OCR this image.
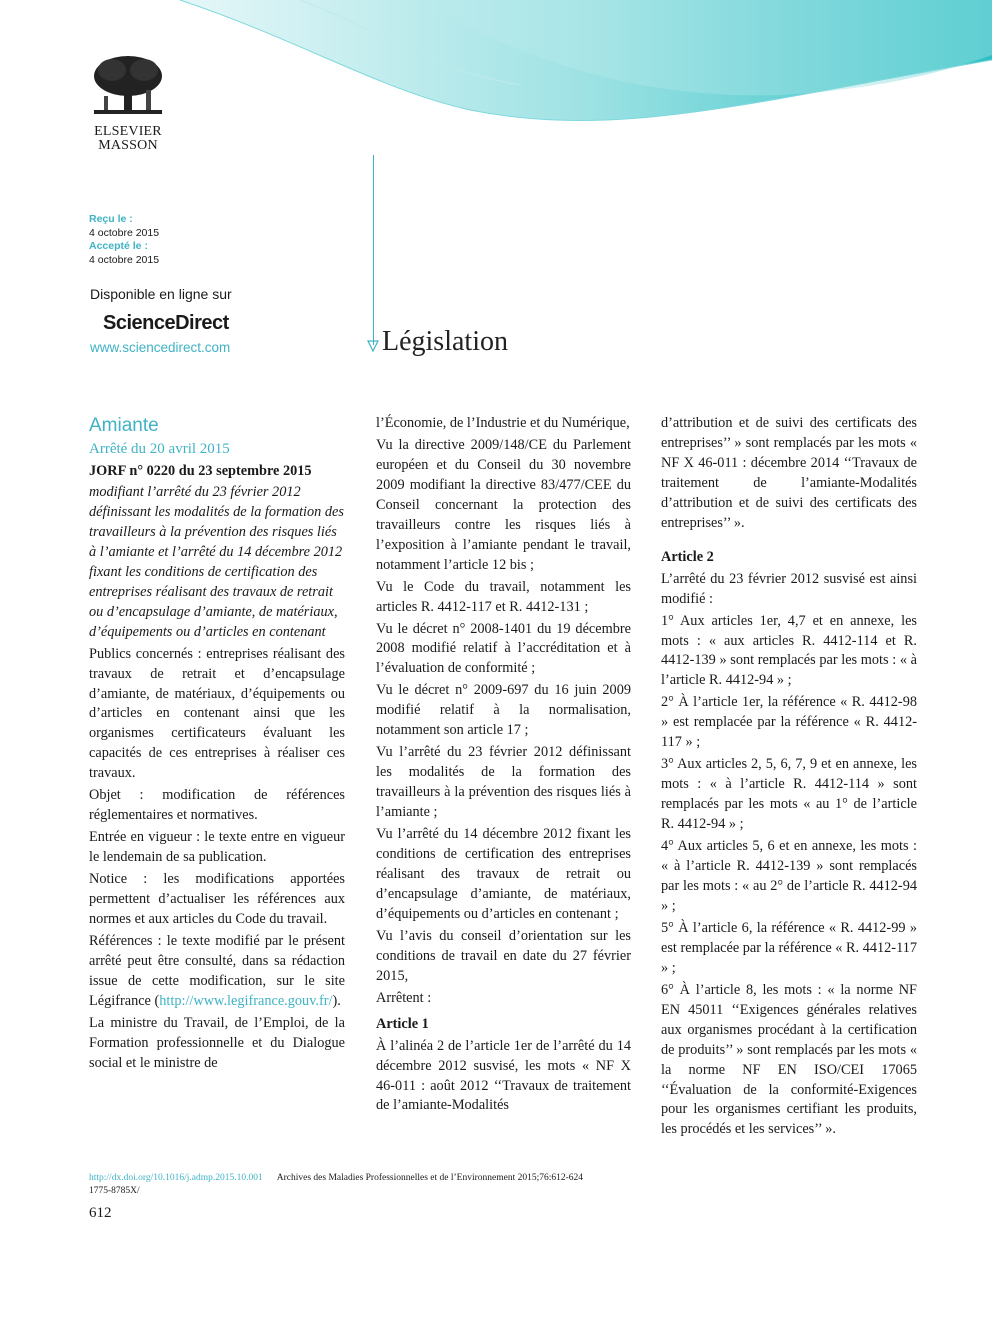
ELSEVIER
MASSON
Reçu le :
4 octobre 2015
Accepté le :
4 octobre 2015
Disponible en ligne sur
ScienceDirect
www.sciencedirect.com	Législation

Amiante

Arrêté du 20 avril 2015

JORF n° 0220 du 23 septembre 2015

modifiant l’arrêté du 23 février 2012 définissant les modalités de la formation des travailleurs à la prévention des risques liés à l’amiante et l’arrêté du 14 décembre 2012 fixant les conditions de certification des entreprises réalisant des travaux de retrait ou d’encapsulage d’amiante, de matériaux, d’équipements ou d’articles en contenant

Publics concernés : entreprises réalisant des travaux de retrait et d’encapsulage d’amiante, de matériaux, d’équipements ou d’articles en contenant ainsi que les organismes certificateurs évaluant les capacités de ces entreprises à réaliser ces travaux.

Objet : modification de références réglementaires et normatives.

Entrée en vigueur : le texte entre en vigueur le lendemain de sa publication.

Notice : les modifications apportées permettent d’actualiser les références aux normes et aux articles du Code du travail.

Références : le texte modifié par le présent arrêté peut être consulté, dans sa rédaction issue de cette modification, sur le site Légifrance (http://www.legifrance.gouv.fr/).

La ministre du Travail, de l’Emploi, de la Formation professionnelle et du Dialogue social et le ministre de

l’Économie, de l’Industrie et du Numérique,

Vu la directive 2009/148/CE du Parlement européen et du Conseil du 30 novembre 2009 modifiant la directive 83/477/CEE du Conseil concernant la protection des travailleurs contre les risques liés à l’exposition à l’amiante pendant le travail, notamment l’article 12 bis ;

Vu le Code du travail, notamment les articles R. 4412-117 et R. 4412-131 ;

Vu le décret n° 2008-1401 du 19 décembre 2008 modifié relatif à l’accréditation et à l’évaluation de conformité ;

Vu le décret n° 2009-697 du 16 juin 2009 modifié relatif à la normalisation, notamment son article 17 ;

Vu l’arrêté du 23 février 2012 définissant les modalités de la formation des travailleurs à la prévention des risques liés à l’amiante ;

Vu l’arrêté du 14 décembre 2012 fixant les conditions de certification des entreprises réalisant des travaux de retrait ou d’encapsulage d’amiante, de matériaux, d’équipements ou d’articles en contenant ;

Vu l’avis du conseil d’orientation sur les conditions de travail en date du 27 février 2015,

Arrêtent :

Article 1

À l’alinéa 2 de l’article 1er de l’arrêté du 14 décembre 2012 susvisé, les mots « NF X 46-011 : août 2012 ‘‘Travaux de traitement de l’amiante-Modalités

d’attribution et de suivi des certificats des entreprises’’ » sont remplacés par les mots « NF X 46-011 : décembre 2014 ‘‘Travaux de traitement de l’amiante-Modalités d’attribution et de suivi des certificats des entreprises’’ ».

Article 2

L’arrêté du 23 février 2012 susvisé est ainsi modifié :

1° Aux articles 1er, 4,7 et en annexe, les mots : « aux articles R. 4412-114 et R. 4412-139 » sont remplacés par les mots : « à l’article R. 4412-94 » ;

2° À l’article 1er, la référence « R. 4412-98 » est remplacée par la référence « R. 4412-117 » ;

3° Aux articles 2, 5, 6, 7, 9 et en annexe, les mots : « à l’article R. 4412-114 » sont remplacés par les mots « au 1° de l’article R. 4412-94 » ;

4° Aux articles 5, 6 et en annexe, les mots : « à l’article R. 4412-139 » sont remplacés par les mots : « au 2° de l’article R. 4412-94 » ;

5° À l’article 6, la référence « R. 4412-99 » est remplacée par la référence « R. 4412-117 » ;

6° À l’article 8, les mots : « la norme NF EN 45011 ‘‘Exigences générales relatives aux organismes procédant à la certification de produits’’ » sont remplacés par les mots « la norme NF EN ISO/CEI 17065 ‘‘Évaluation de la conformité-Exigences pour les organismes certifiant les produits, les procédés et les services’’ ».

http://dx.doi.org/10.1016/j.admp.2015.10.001 Archives des Maladies Professionnelles et de l’Environnement 2015;76:612-624
1775-8785X/
612
